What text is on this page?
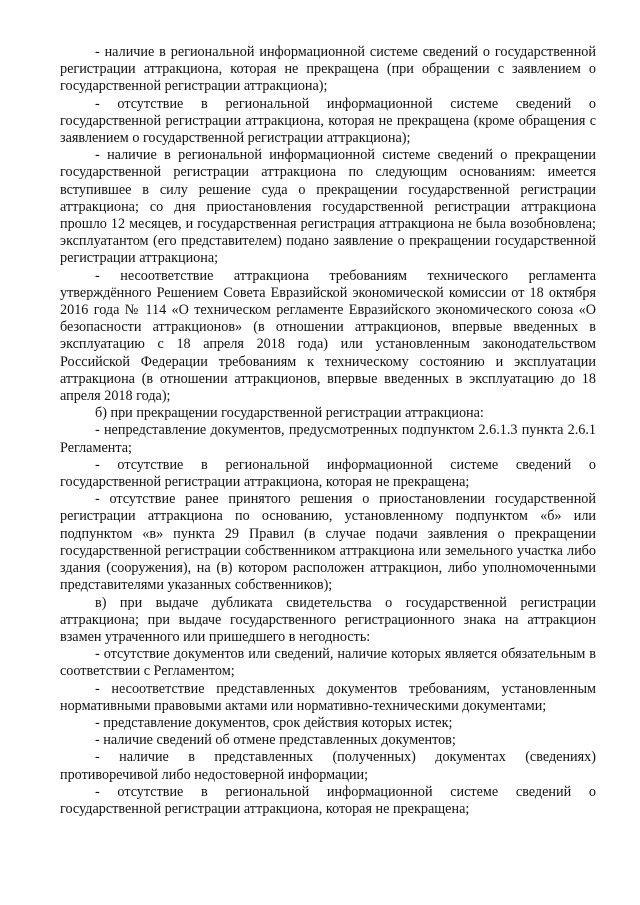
- наличие в региональной информационной системе сведений о государственной регистрации аттракциона, которая не прекращена (при обращении с заявлением о государственной регистрации аттракциона);

- отсутствие в региональной информационной системе сведений о государственной регистрации аттракциона, которая не прекращена (кроме обращения с заявлением о государственной регистрации аттракциона);

- наличие в региональной информационной системе сведений о прекращении государственной регистрации аттракциона по следующим основаниям: имеется вступившее в силу решение суда о прекращении государственной регистрации аттракциона; со дня приостановления государственной регистрации аттракциона прошло 12 месяцев, и государственная регистрация аттракциона не была возобновлена; эксплуатантом (его представителем) подано заявление о прекращении государственной регистрации аттракциона;

- несоответствие аттракциона требованиям технического регламента утверждённого Решением Совета Евразийской экономической комиссии от 18 октября 2016 года № 114 «О техническом регламенте Евразийского экономического союза «О безопасности аттракционов» (в отношении аттракционов, впервые введенных в эксплуатацию с 18 апреля 2018 года) или установленным законодательством Российской Федерации требованиям к техническому состоянию и эксплуатации аттракциона (в отношении аттракционов, впервые введенных в эксплуатацию до 18 апреля 2018 года);

б) при прекращении государственной регистрации аттракциона:

- непредставление документов, предусмотренных подпунктом 2.6.1.3 пункта 2.6.1 Регламента;

- отсутствие в региональной информационной системе сведений о государственной регистрации аттракциона, которая не прекращена;

- отсутствие ранее принятого решения о приостановлении государственной регистрации аттракциона по основанию, установленному подпунктом «б» или подпунктом «в» пункта 29 Правил (в случае подачи заявления о прекращении государственной регистрации собственником аттракциона или земельного участка либо здания (сооружения), на (в) котором расположен аттракцион, либо уполномоченными представителями указанных собственников);

в) при выдаче дубликата свидетельства о государственной регистрации аттракциона; при выдаче государственного регистрационного знака на аттракцион взамен утраченного или пришедшего в негодность:

- отсутствие документов или сведений, наличие которых является обязательным в соответствии с Регламентом;

- несоответствие представленных документов требованиям, установленным нормативными правовыми актами или нормативно-техническими документами;

- представление документов, срок действия которых истек;

- наличие сведений об отмене представленных документов;

- наличие в представленных (полученных) документах (сведениях) противоречивой либо недостоверной информации;

- отсутствие в региональной информационной системе сведений о государственной регистрации аттракциона, которая не прекращена;
